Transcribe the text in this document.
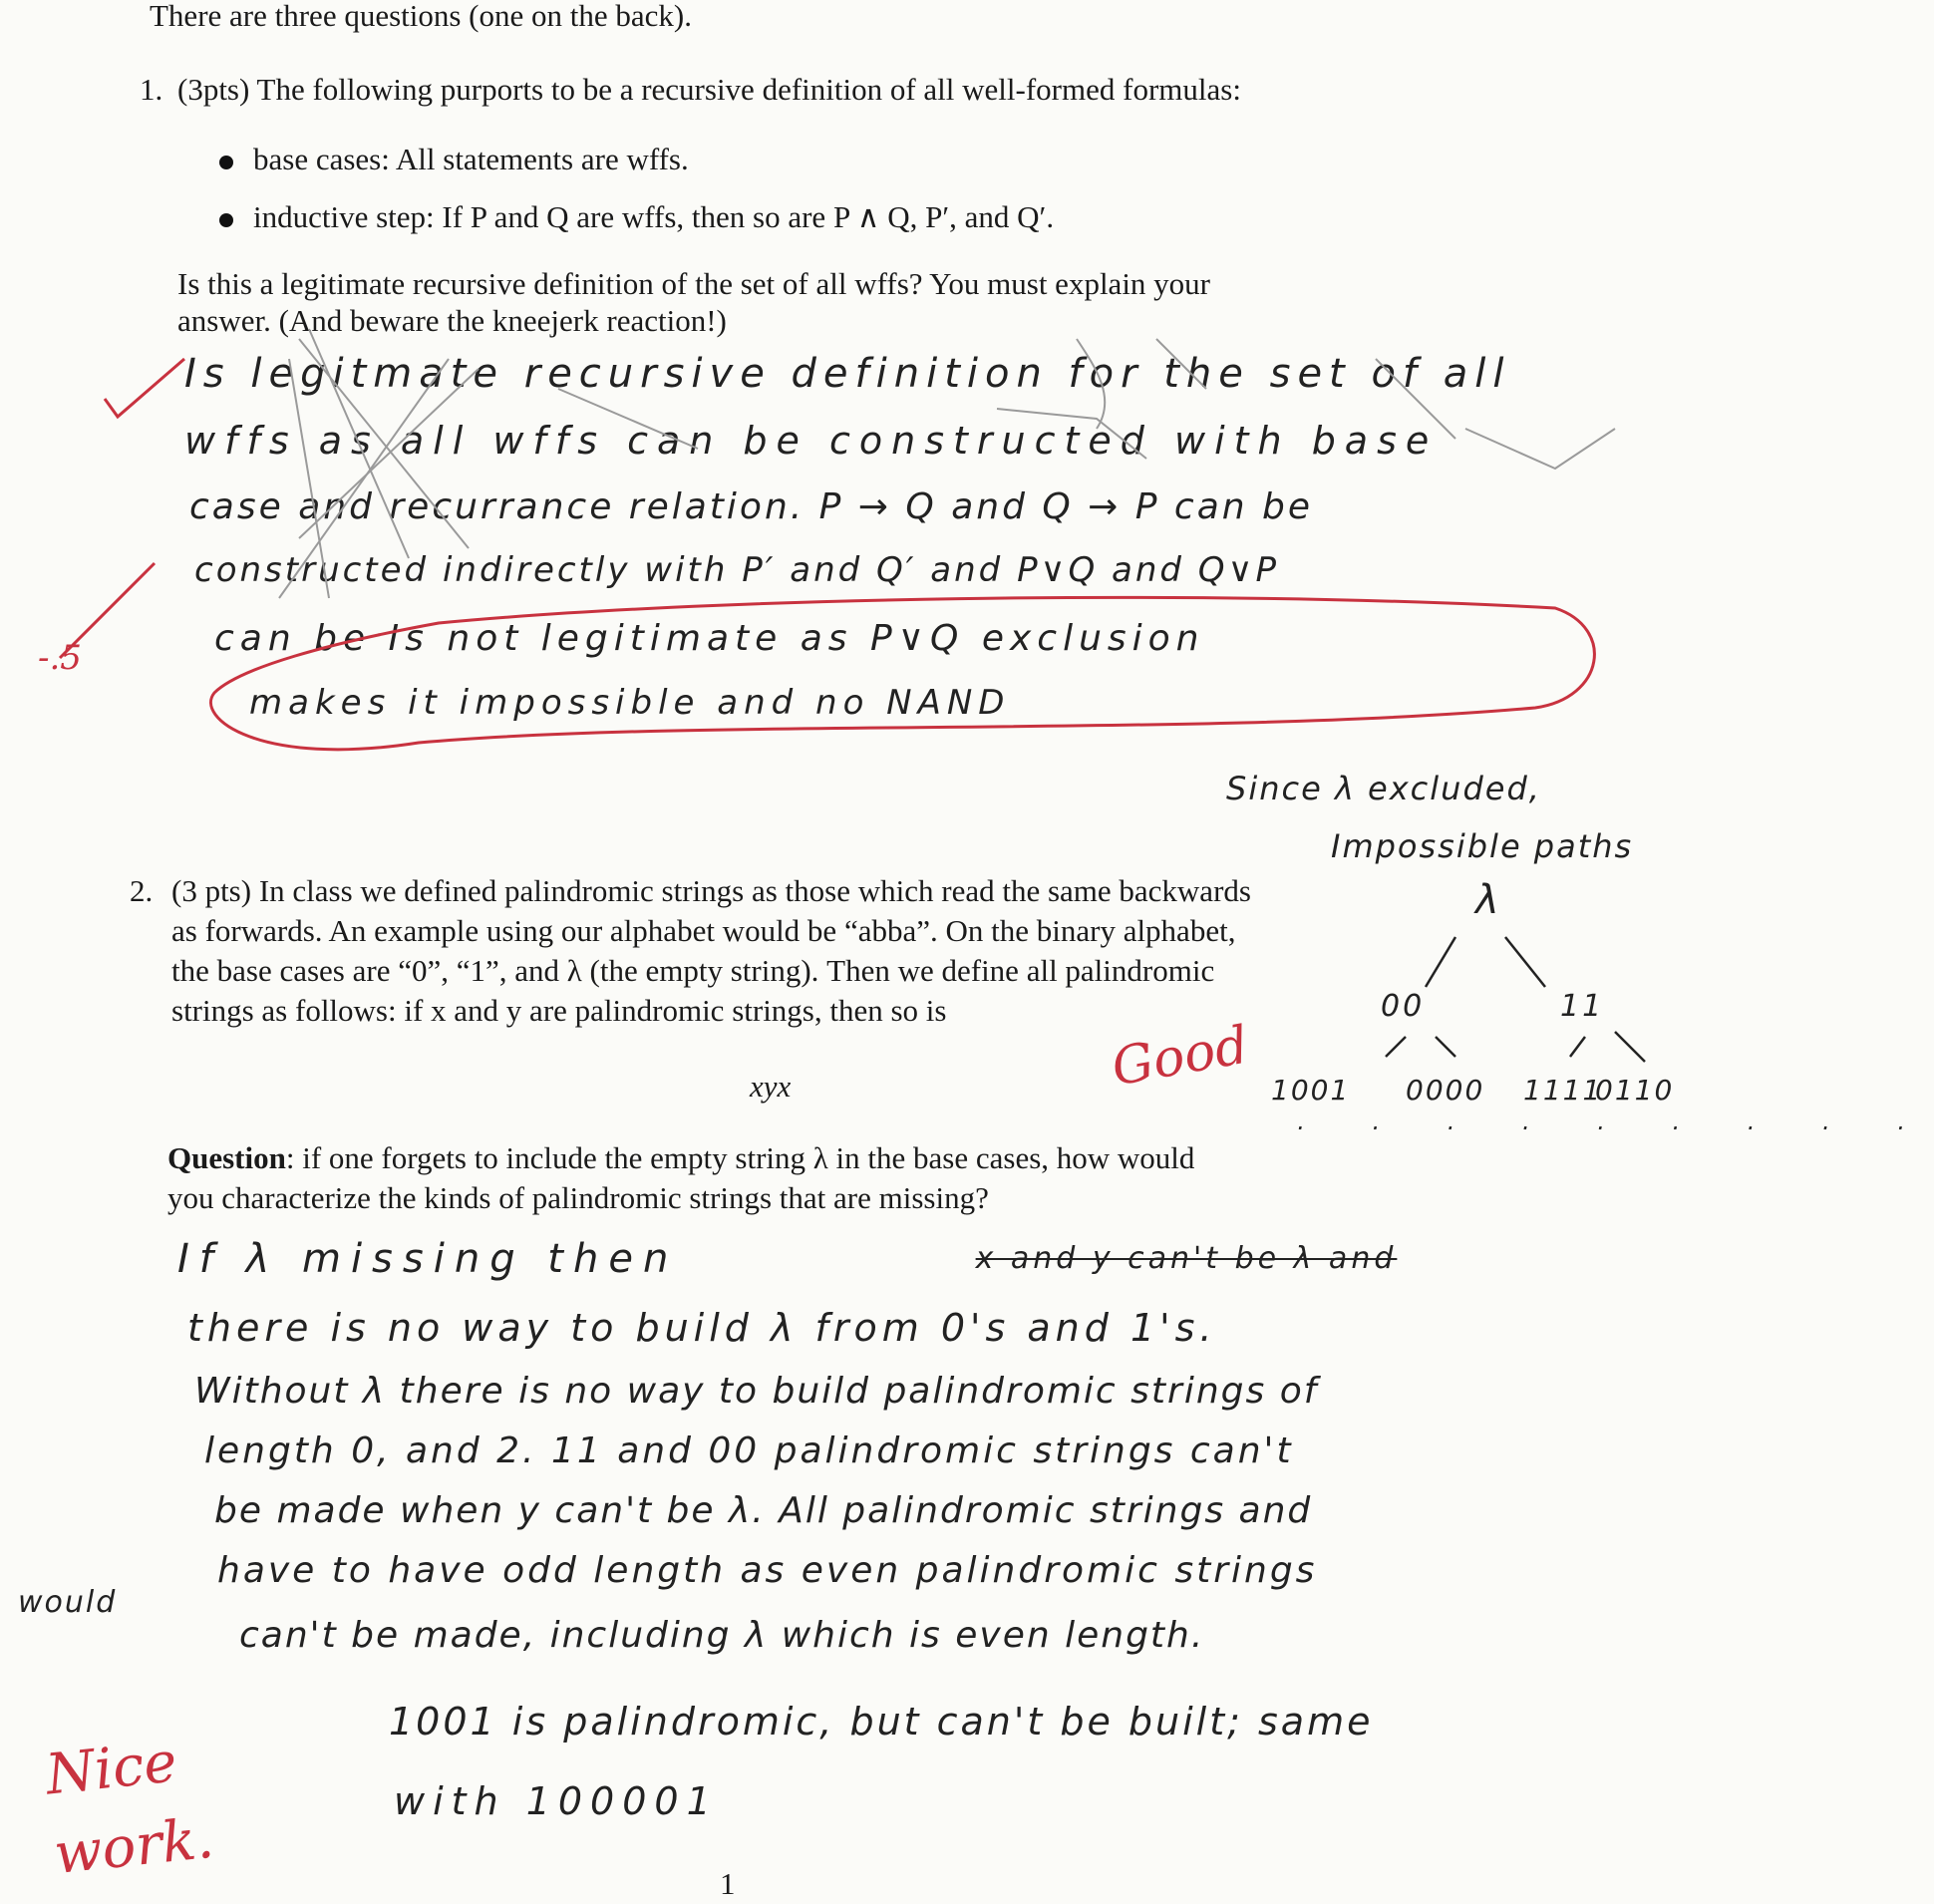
There are three questions (one on the back).
1. (3pts) The following purports to be a recursive definition of all well-formed formulas:
base cases: All statements are wffs.
inductive step: If P and Q are wffs, then so are P ∧ Q, P′, and Q′.
Is this a legitimate recursive definition of the set of all wffs? You must explain your
answer. (And beware the kneejerk reaction!)
Is legitmate recursive definition for the set of all
wffs as all wffs can be constructed with base
case and recurrance relation. P → Q and Q → P can be
constructed indirectly with P′ and Q′ and P∨Q and Q∨P
can be Is not legitimate as P∨Q exclusion
makes it impossible and no NAND
-.5
Since λ excluded,
Impossible paths
2. (3 pts) In class we defined palindromic strings as those which read the same backwards
as forwards. An example using our alphabet would be “abba”. On the binary alphabet,
the base cases are “0”, “1”, and λ (the empty string). Then we define all palindromic
strings as follows: if x and y are palindromic strings, then so is
xyx
λ
00	11
1001 0000 1111
0110
· · · · · · · · ·
Good
Question: if one forgets to include the empty string λ in the base cases, how would
you characterize the kinds of palindromic strings that are missing?
If λ missing then	x and y can't be λ and
there is no way to build λ from 0's and 1's.
Without λ there is no way to build palindromic strings of
length 0, and 2. 11 and 00 palindromic strings can't
be made when y can't be λ. All palindromic strings and
have to have odd length as even palindromic strings
can't be made, including λ which is even length.
would
1001 is palindromic, but can't be built; same
with 100001
Nice work.	1
